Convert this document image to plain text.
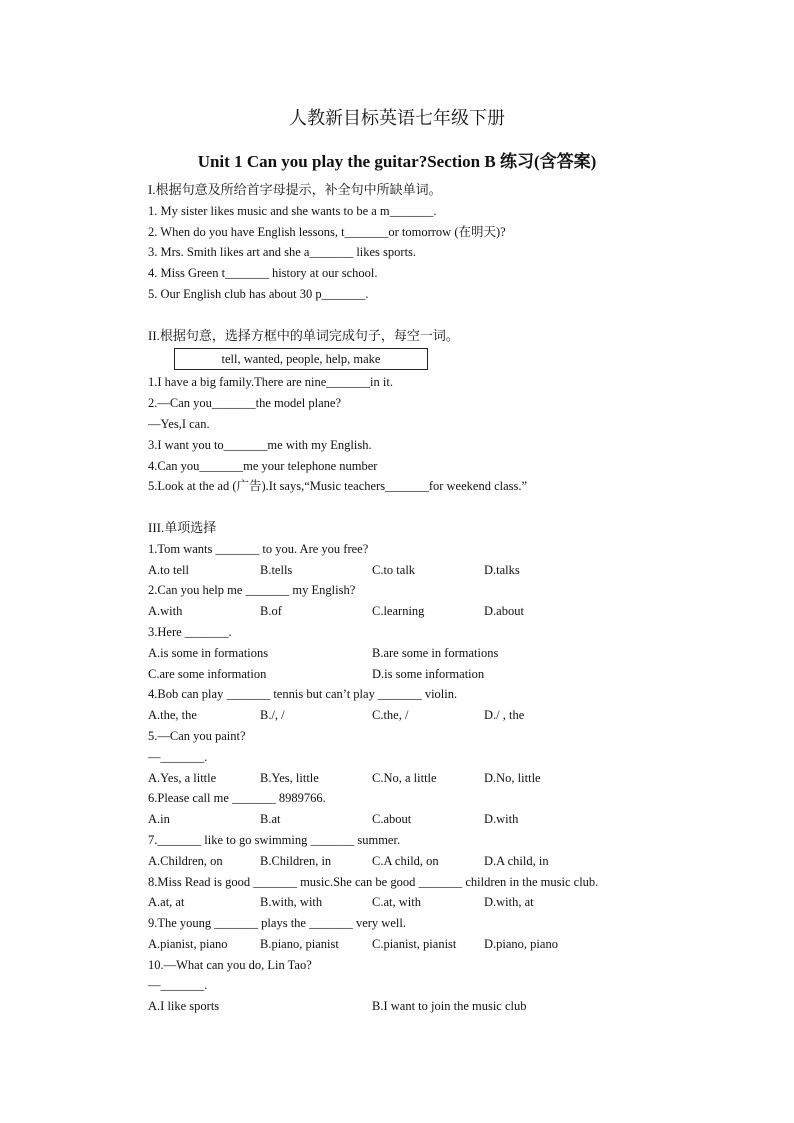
人教新目标英语七年级下册
Unit 1 Can you play the guitar?Section B 练习(含答案)
I.根据句意及所给首字母提示，补全句中所缺单词。
1. My sister likes music and she wants to be a m_______.
2. When do you have English lessons, t_______or tomorrow (在明天)?
3. Mrs. Smith likes art and she a_______ likes sports.
4. Miss Green t_______ history at our school.
5. Our English club has about 30 p_______.
II.根据句意，选择方框中的单词完成句子，每空一词。
tell, wanted, people, help, make
1.I have a big family.There are nine_______in it.
2.—Can you_______the model plane?
—Yes,I can.
3.I want you to_______me with my English.
4.Can you_______me your telephone number
5.Look at the ad (广告).It says,“Music teachers_______for weekend class.”
III.单项选择
1.Tom wants _______ to you. Are you free?
A.to tell	B.tells	C.to talk	D.talks
2.Can you help me _______ my English?
A.with	B.of	C.learning	D.about
3.Here _______.
A.is some in formations	B.are some in formations
C.are some information	D.is some information
4.Bob can play _______ tennis but can’t play _______ violin.
A.the, the	B./, /	C.the, /	D./ , the
5.—Can you paint?
—_______.
A.Yes, a little	B.Yes, little	C.No, a little	D.No, little
6.Please call me _______ 8989766.
A.in	B.at	C.about	D.with
7._______ like to go swimming _______ summer.
A.Children, on	B.Children, in	C.A child, on	D.A child, in
8.Miss Read is good _______ music.She can be good _______ children in the music club.
A.at, at	B.with, with	C.at, with	D.with, at
9.The young _______ plays the _______ very well.
A.pianist, piano	B.piano, pianist	C.pianist, pianist	D.piano, piano
10.—What can you do, Lin Tao?
—_______.
A.I like sports	B.I want to join the music club
